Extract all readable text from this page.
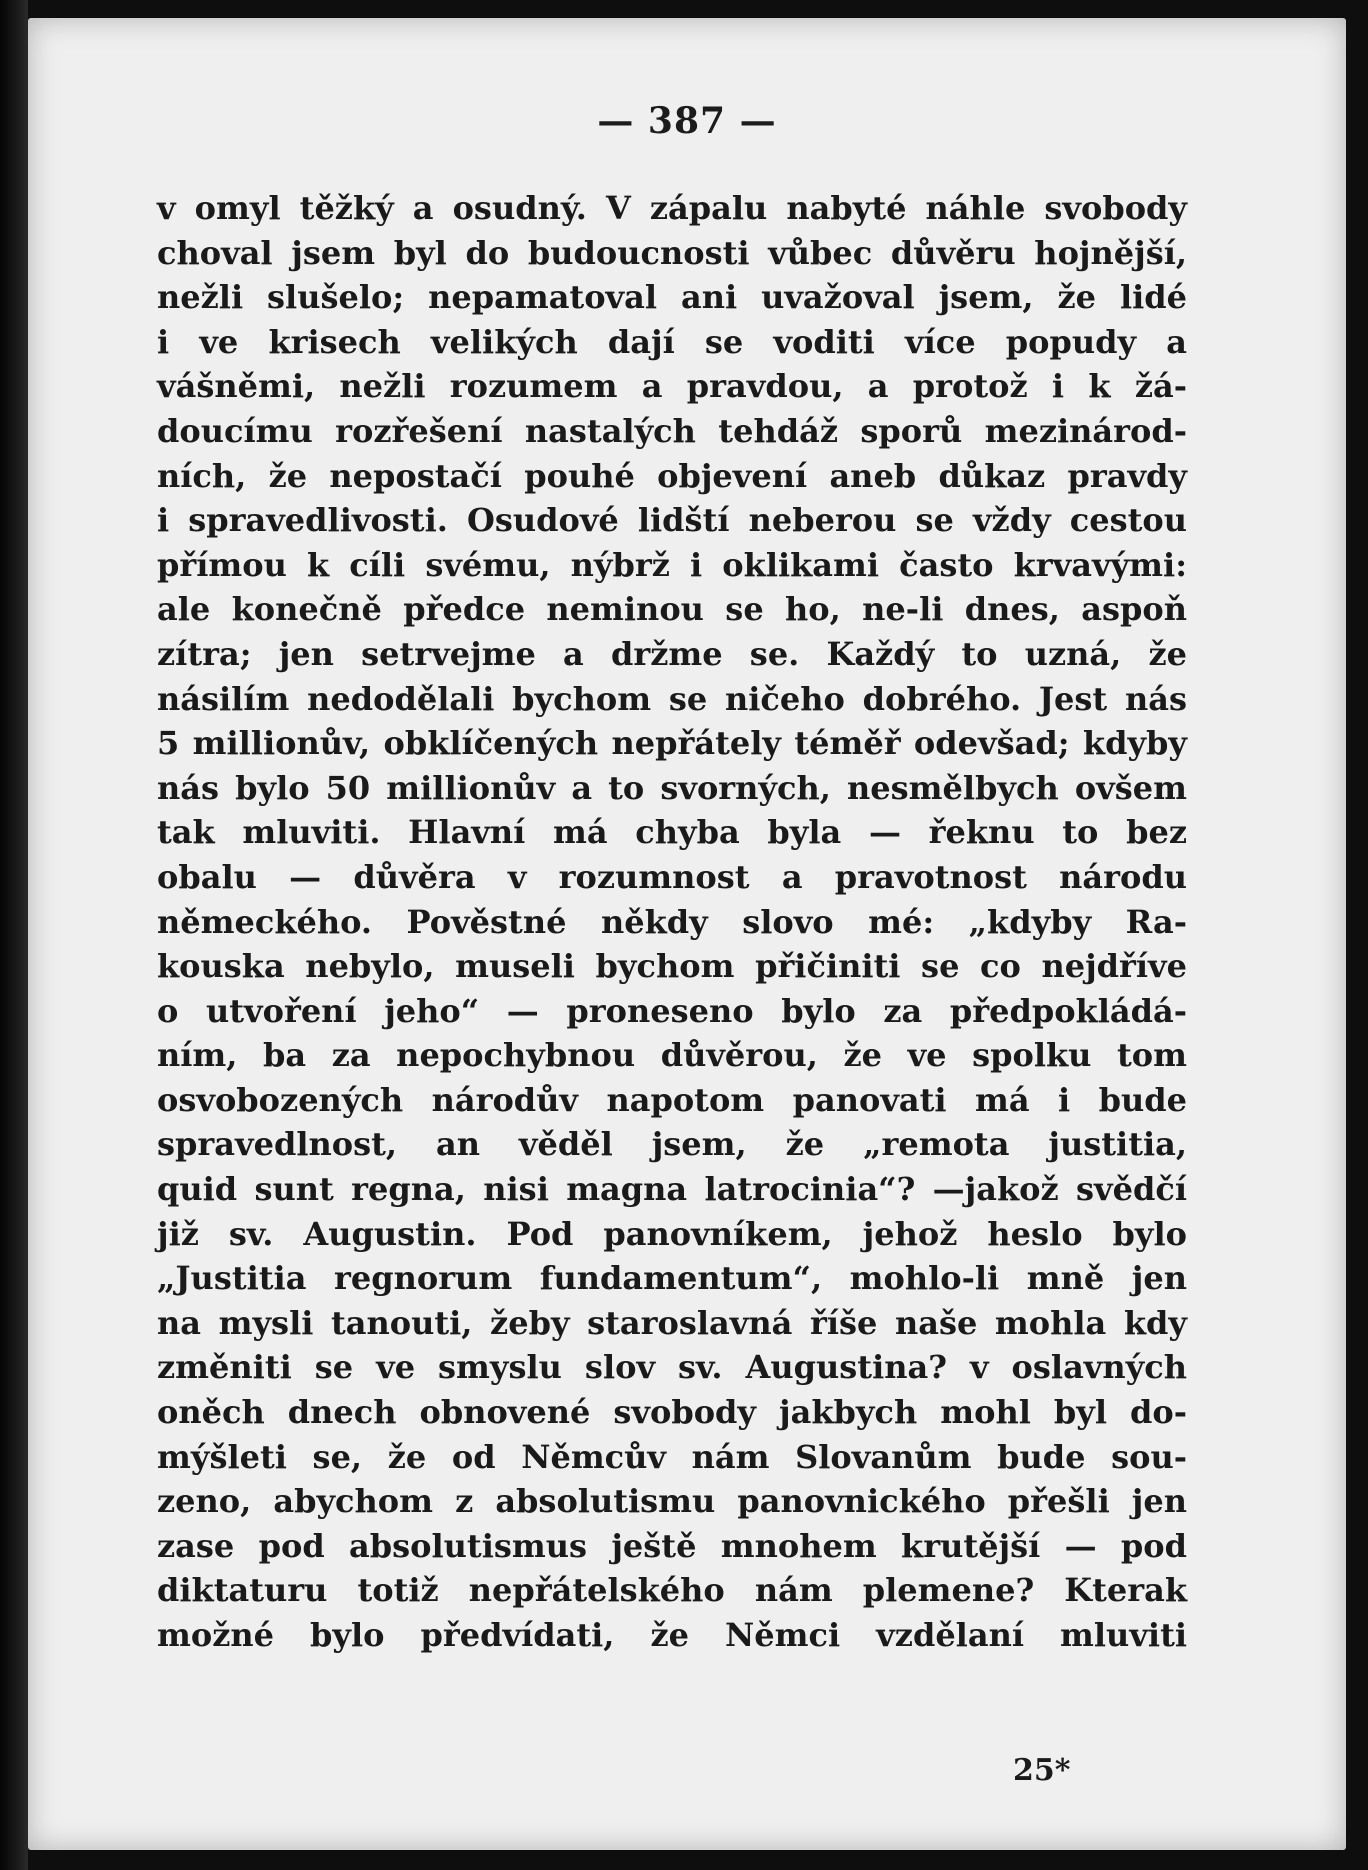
— 387 —
v omyl těžký a osudný. V zápalu nabyté náhle svobody
choval jsem byl do budoucnosti vůbec důvěru hojnější,
nežli slušelo; nepamatoval ani uvažoval jsem, že lidé
i ve krisech velikých dají se voditi více popudy a
vášněmi, nežli rozumem a pravdou, a protož i k žá-
doucímu rozřešení nastalých tehdáž sporů mezinárod-
ních, že nepostačí pouhé objevení aneb důkaz pravdy
i spravedlivosti. Osudové lidští neberou se vždy cestou
přímou k cíli svému, nýbrž i oklikami často krvavými:
ale konečně předce neminou se ho, ne-li dnes, aspoň
zítra; jen setrvejme a držme se. Každý to uzná, že
násilím nedodělali bychom se ničeho dobrého. Jest nás
5 millionův, obklíčených nepřátely téměř odevšad; kdyby
nás bylo 50 millionův a to svorných, nesmělbych ovšem
tak mluviti. Hlavní má chyba byla — řeknu to bez
obalu — důvěra v rozumnost a pravotnost národu
německého. Pověstné někdy slovo mé: „kdyby Ra-
kouska nebylo, museli bychom přičiniti se co nejdříve
o utvoření jeho“ — proneseno bylo za předpokládá-
ním, ba za nepochybnou důvěrou, že ve spolku tom
osvobozených národův napotom panovati má i bude
spravedlnost, an věděl jsem, že „remota justitia,
quid sunt regna, nisi magna latrocinia“? —jakož svědčí
již sv. Augustin. Pod panovníkem, jehož heslo bylo
„Justitia regnorum fundamentum“, mohlo-li mně jen
na mysli tanouti, žeby staroslavná říše naše mohla kdy
změniti se ve smyslu slov sv. Augustina? v oslavných
oněch dnech obnovené svobody jakbych mohl byl do-
mýšleti se, že od Němcův nám Slovanům bude sou-
zeno, abychom z absolutismu panovnického přešli jen
zase pod absolutismus ještě mnohem krutější — pod
diktaturu totiž nepřátelského nám plemene? Kterak
možné bylo předvídati, že Němci vzdělaní mluviti
25*
